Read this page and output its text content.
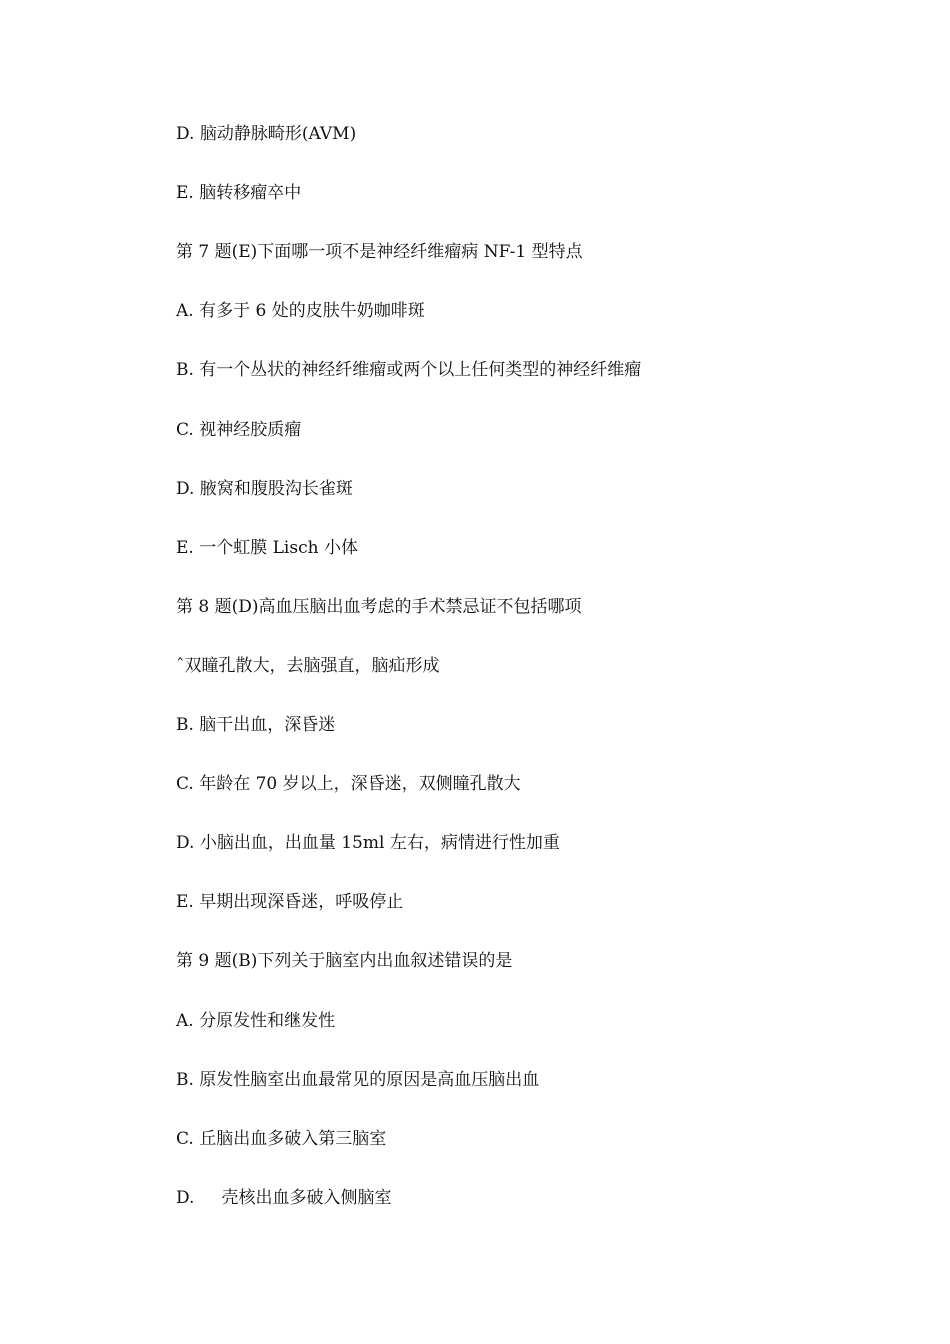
D. 脑动静脉畸形(AVM)
E. 脑转移瘤卒中
第 7 题(E)下面哪一项不是神经纤维瘤病 NF-1 型特点
A. 有多于 6 处的皮肤牛奶咖啡斑
B. 有一个丛状的神经纤维瘤或两个以上任何类型的神经纤维瘤
C. 视神经胶质瘤
D. 腋窝和腹股沟长雀斑
E. 一个虹膜 Lisch 小体
第 8 题(D)高血压脑出血考虑的手术禁忌证不包括哪项
ˆ双瞳孔散大，去脑强直，脑疝形成
B. 脑干出血，深昏迷
C. 年龄在 70 岁以上，深昏迷，双侧瞳孔散大
D. 小脑出血，出血量 15ml 左右，病情进行性加重
E. 早期出现深昏迷，呼吸停止
第 9 题(B)下列关于脑室内出血叙述错误的是
A. 分原发性和继发性
B. 原发性脑室出血最常见的原因是高血压脑出血
C. 丘脑出血多破入第三脑室
D.     壳核出血多破入侧脑室
